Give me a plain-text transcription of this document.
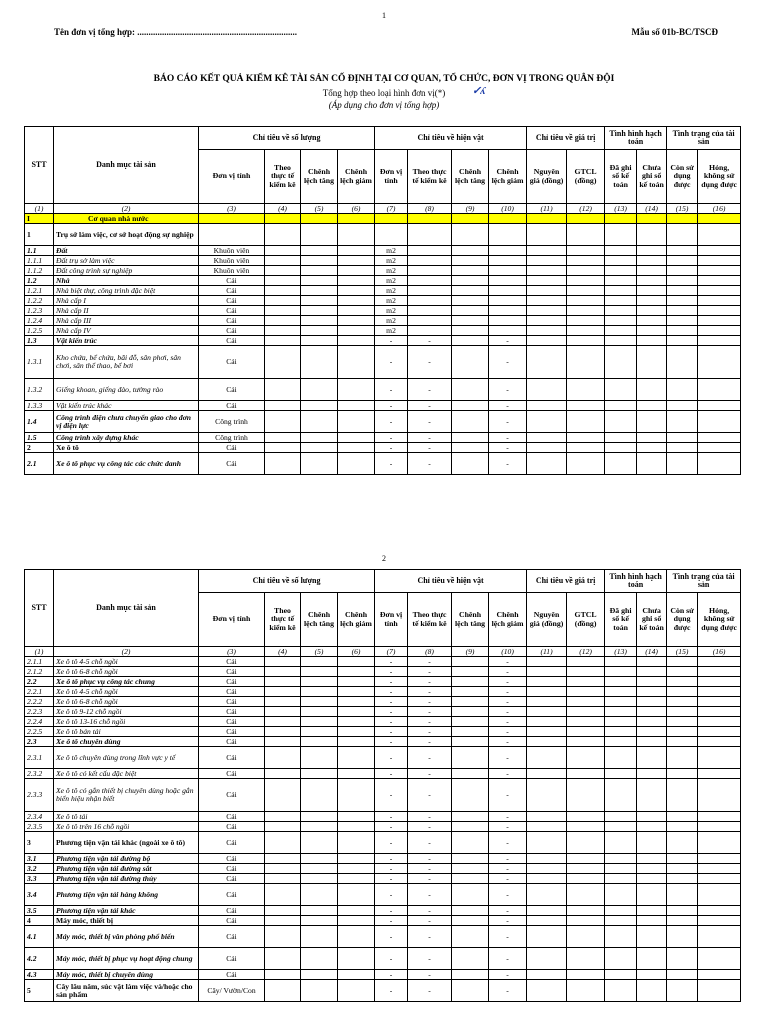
1
Tên đơn vị tổng hợp: .......................................................................	Mẫu số 01b-BC/TSCĐ
BÁO CÁO KẾT QUẢ KIỂM KÊ TÀI SẢN CỐ ĐỊNH TẠI CƠ QUAN, TỔ CHỨC, ĐƠN VỊ TRONG QUÂN ĐỘI
Tổng hợp theo loại hình đơn vị(*)	✓ʎ
(Áp dụng cho đơn vị tổng hợp)
STT	Danh mục tài sản	Chỉ tiêu về số lượng				Chỉ tiêu về hiện vật				Chỉ tiêu về giá trị		Tình hình hạch toán		Tình trạng của tài sản	
		Đơn vị tính	Theo thực tế kiểm kê	Chênh lệch tăng	Chênh lệch giảm	Đơn vị tính	Theo thực tế kiểm kê	Chênh lệch tăng	Chênh lệch giảm	Nguyên giá (đồng)	GTCL (đồng)	Đã ghi sổ kế toán	Chưa ghi sổ kế toán	Còn sử dụng được	Hỏng, không sử dụng được
(1)	(2)	(3)	(4)	(5)	(6)	(7)	(8)	(9)	(10)	(11)	(12)	(13)	(14)	(15)	(16)
I	Cơ quan nhà nước														
1	Trụ sở làm việc, cơ sở hoạt động sự nghiệp														
1.1	Đất	Khuôn viên				m2									
1.1.1	Đất trụ sở làm việc	Khuôn viên				m2									
1.1.2	Đất công trình sự nghiệp	Khuôn viên				m2									
1.2	Nhà	Cái				m2									
1.2.1	Nhà biệt thự, công trình đặc biệt	Cái				m2									
1.2.2	Nhà cấp I	Cái				m2									
1.2.3	Nhà cấp II	Cái				m2									
1.2.4	Nhà cấp III	Cái				m2									
1.2.5	Nhà cấp IV	Cái				m2									
1.3	Vật kiến trúc	Cái				-	-		-						
1.3.1	Kho chứa, bể chứa, bãi đỗ, sân phơi, sân chơi, sân thể thao, bể bơi	Cái				-	-		-						
1.3.2	Giếng khoan, giếng đào, tường rào	Cái				-	-		-						
1.3.3	Vật kiến trúc khác	Cái				-	-		-						
1.4	Công trình điện chưa chuyển giao cho đơn vị điện lực	Công trình				-	-		-						
1.5	Công trình xây dựng khác	Công trình				-	-		-						
2	Xe ô tô	Cái				-	-		-						
2.1	Xe ô tô phục vụ công tác các chức danh	Cái				-	-		-						
2
STT	Danh mục tài sản	Chỉ tiêu về số lượng				Chỉ tiêu về hiện vật				Chỉ tiêu về giá trị		Tình hình hạch toán		Tình trạng của tài sản	
		Đơn vị tính	Theo thực tế kiểm kê	Chênh lệch tăng	Chênh lệch giảm	Đơn vị tính	Theo thực tế kiểm kê	Chênh lệch tăng	Chênh lệch giảm	Nguyên giá (đồng)	GTCL (đồng)	Đã ghi sổ kế toán	Chưa ghi sổ kế toán	Còn sử dụng được	Hỏng, không sử dụng được
(1)	(2)	(3)	(4)	(5)	(6)	(7)	(8)	(9)	(10)	(11)	(12)	(13)	(14)	(15)	(16)
2.1.1	Xe ô tô 4-5 chỗ ngồi	Cái				-	-		-						
2.1.2	Xe ô tô 6-8 chỗ ngồi	Cái				-	-		-						
2.2	Xe ô tô phục vụ công tác chung	Cái				-	-		-						
2.2.1	Xe ô tô 4-5 chỗ ngồi	Cái				-	-		-						
2.2.2	Xe ô tô 6-8 chỗ ngồi	Cái				-	-		-						
2.2.3	Xe ô tô 9-12 chỗ ngồi	Cái				-	-		-						
2.2.4	Xe ô tô 13-16 chỗ ngồi	Cái				-	-		-						
2.2.5	Xe ô tô bán tải	Cái				-	-		-						
2.3	Xe ô tô chuyên dùng	Cái				-	-		-						
2.3.1	Xe ô tô chuyên dùng trong lĩnh vực y tế	Cái				-	-		-						
2.3.2	Xe ô tô có kết cấu đặc biệt	Cái				-	-		-						
2.3.3	Xe ô tô có gắn thiết bị chuyên dùng hoặc gắn biển hiệu nhận biết	Cái				-	-		-						
2.3.4	Xe ô tô tải	Cái				-	-		-						
2.3.5	Xe ô tô trên 16 chỗ ngồi	Cái				-	-		-						
3	Phương tiện vận tải khác (ngoài xe ô tô)	Cái				-	-		-						
3.1	Phương tiện vận tải đường bộ	Cái				-	-		-						
3.2	Phương tiện vận tải đường sắt	Cái				-	-		-						
3.3	Phương tiện vận tải đường thủy	Cái				-	-		-						
3.4	Phương tiện vận tải hàng không	Cái				-	-		-						
3.5	Phương tiện vận tải khác	Cái				-	-		-						
4	Máy móc, thiết bị	Cái				-	-		-						
4.1	Máy móc, thiết bị văn phòng phổ biến	Cái				-	-		-						
4.2	Máy móc, thiết bị phục vụ hoạt động chung	Cái				-	-		-						
4.3	Máy móc, thiết bị chuyên dùng	Cái				-	-		-						
5	Cây lâu năm, súc vật làm việc và/hoặc cho sản phẩm	Cây/ Vườn/Con				-	-		-						
